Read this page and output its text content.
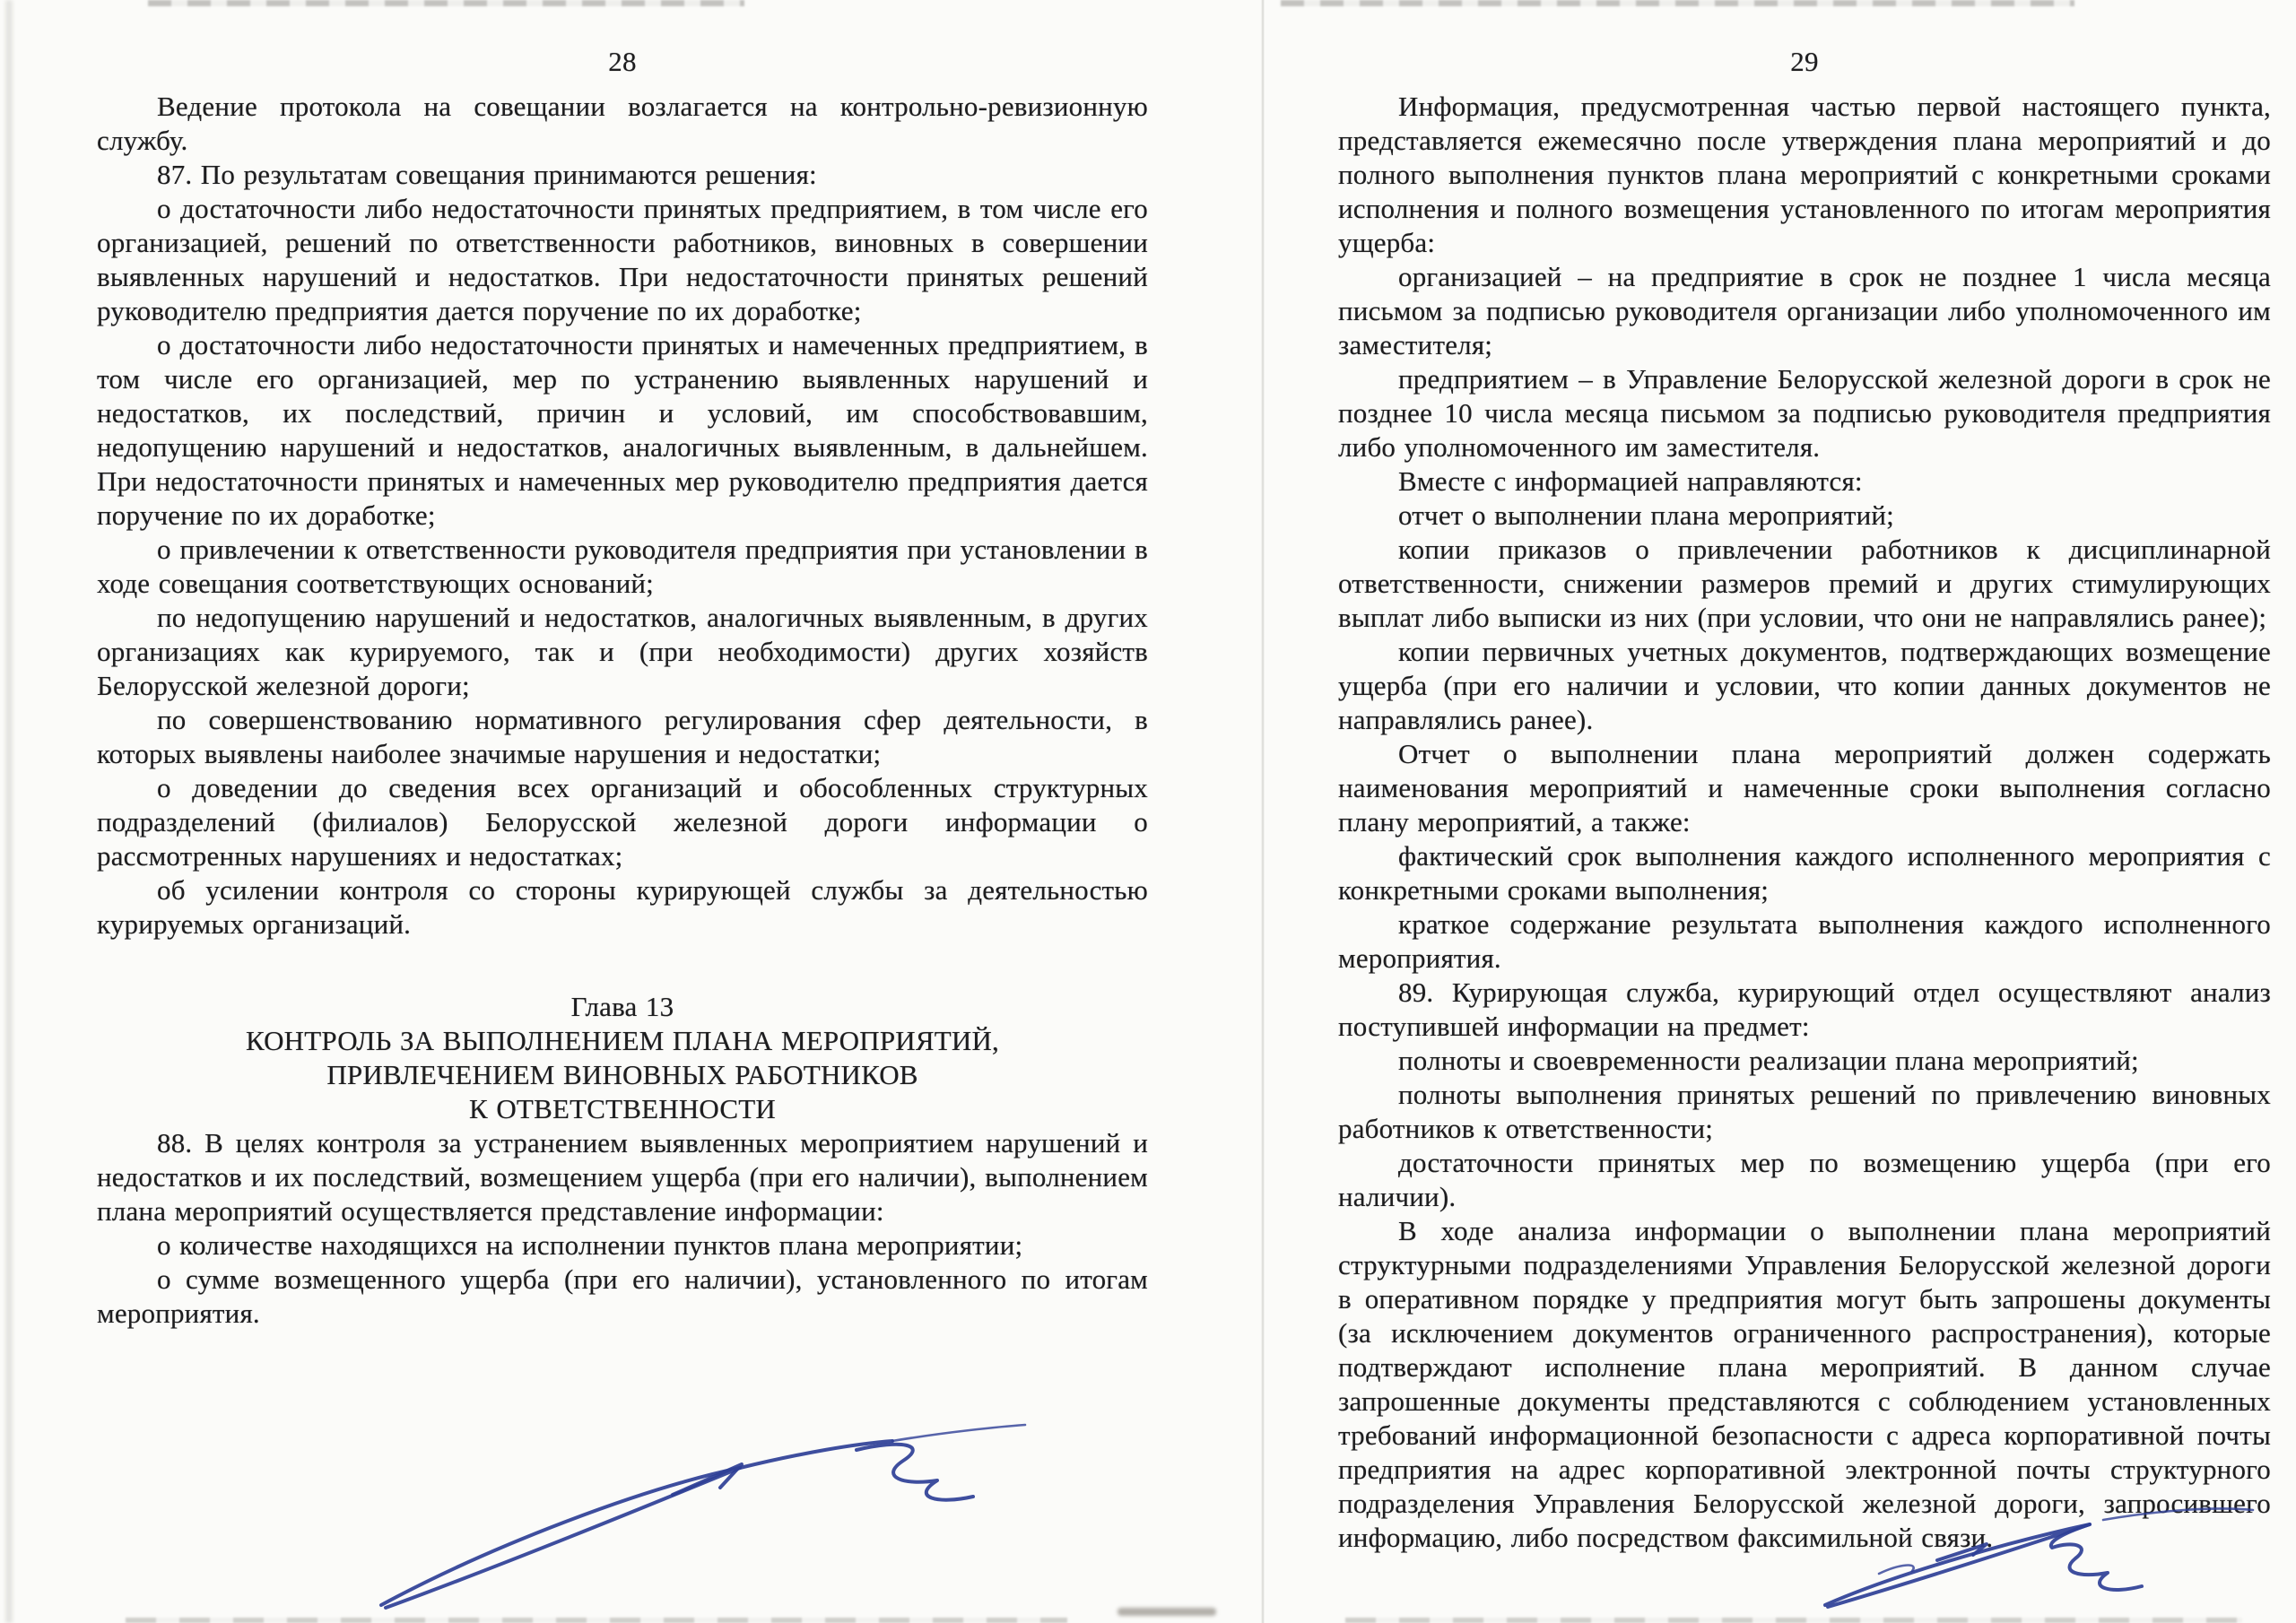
28

Ведение протокола на совещании возлагается на контрольно-ревизионную службу.

87. По результатам совещания принимаются решения:

о достаточности либо недостаточности принятых предприятием, в том числе его организацией, решений по ответственности работников, виновных в совершении выявленных нарушений и недостатков. При недостаточности принятых решений руководителю предприятия дается поручение по их доработке;

о достаточности либо недостаточности принятых и намеченных предприятием, в том числе его организацией, мер по устранению выявленных нарушений и недостатков, их последствий, причин и условий, им способствовавшим, недопущению нарушений и недостатков, аналогичных выявленным, в дальнейшем. При недостаточности принятых и намеченных мер руководителю предприятия дается поручение по их доработке;

о привлечении к ответственности руководителя предприятия при установлении в ходе совещания соответствующих оснований;

по недопущению нарушений и недостатков, аналогичных выявленным, в других организациях как курируемого, так и (при необходимости) других хозяйств Белорусской железной дороги;

по совершенствованию нормативного регулирования сфер деятельности, в которых выявлены наиболее значимые нарушения и недостатки;

о доведении до сведения всех организаций и обособленных структурных подразделений (филиалов) Белорусской железной дороги информации о рассмотренных нарушениях и недостатках;

об усилении контроля со стороны курирующей службы за деятельностью курируемых организаций.

Глава 13

КОНТРОЛЬ ЗА ВЫПОЛНЕНИЕМ ПЛАНА МЕРОПРИЯТИЙ,

ПРИВЛЕЧЕНИЕМ ВИНОВНЫХ РАБОТНИКОВ

К ОТВЕТСТВЕННОСТИ

88. В целях контроля за устранением выявленных мероприятием нарушений и недостатков и их последствий, возмещением ущерба (при его наличии), выполнением плана мероприятий осуществляется представление информации:

о количестве находящихся на исполнении пунктов плана мероприятии;

о сумме возмещенного ущерба (при его наличии), установленного по итогам мероприятия.

29

Информация, предусмотренная частью первой настоящего пункта, представляется ежемесячно после утверждения плана мероприятий и до полного выполнения пунктов плана мероприятий с конкретными сроками исполнения и полного возмещения установленного по итогам мероприятия ущерба:

организацией – на предприятие в срок не позднее 1 числа месяца письмом за подписью руководителя организации либо уполномоченного им заместителя;

предприятием – в Управление Белорусской железной дороги в срок не позднее 10 числа месяца письмом за подписью руководителя предприятия либо уполномоченного им заместителя.

Вместе с информацией направляются:

отчет о выполнении плана мероприятий;

копии приказов о привлечении работников к дисциплинарной ответственности, снижении размеров премий и других стимулирующих выплат либо выписки из них (при условии, что они не направлялись ранее);

копии первичных учетных документов, подтверждающих возмещение ущерба (при его наличии и условии, что копии данных документов не направлялись ранее).

Отчет о выполнении плана мероприятий должен содержать наименования мероприятий и намеченные сроки выполнения согласно плану мероприятий, а также:

фактический срок выполнения каждого исполненного мероприятия с конкретными сроками выполнения;

краткое содержание результата выполнения каждого исполненного мероприятия.

89. Курирующая служба, курирующий отдел осуществляют анализ поступившей информации на предмет:

полноты и своевременности реализации плана мероприятий;

полноты выполнения принятых решений по привлечению виновных работников к ответственности;

достаточности принятых мер по возмещению ущерба (при его наличии).

В ходе анализа информации о выполнении плана мероприятий структурными подразделениями Управления Белорусской железной дороги в оперативном порядке у предприятия могут быть запрошены документы (за исключением документов ограниченного распространения), которые подтверждают исполнение плана мероприятий. В данном случае запрошенные документы представляются с соблюдением установленных требований информационной безопасности с адреса корпоративной почты предприятия на адрес корпоративной электронной почты структурного подразделения Управления Белорусской железной дороги, запросившего информацию, либо посредством факсимильной связи.
